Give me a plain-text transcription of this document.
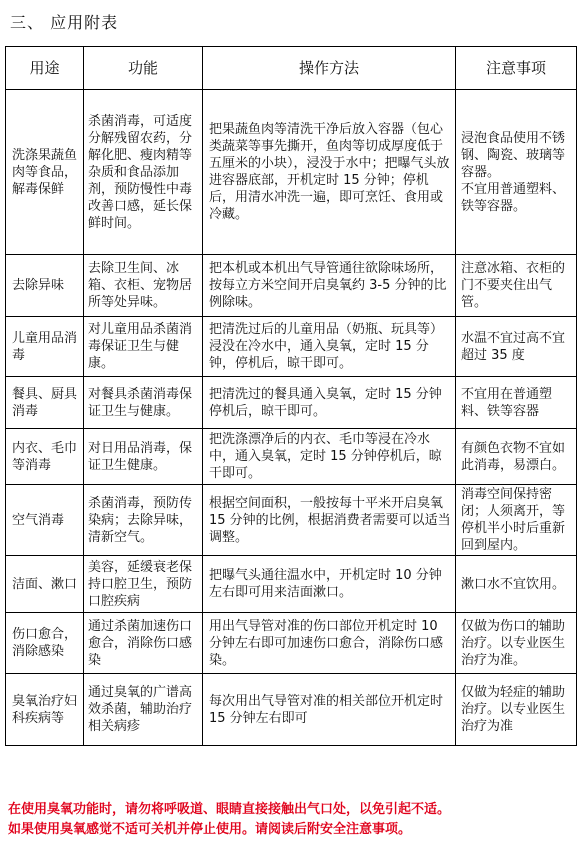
三、 应用附表
用途	功能	操作方法	注意事项
洗涤果蔬鱼肉等食品，解毒保鲜	杀菌消毒，可适度分解残留农药，分解化肥、瘦肉精等杂质和食品添加剂，预防慢性中毒改善口感，延长保鲜时间。	把果蔬鱼肉等清洗干净后放入容器（包心类蔬菜等事先撕开，鱼肉等切成厚度低于五厘米的小块），浸没于水中；把曝气头放进容器底部，开机定时 15 分钟；停机后，用清水冲洗一遍，即可烹饪、食用或冷藏。	浸泡食品使用不锈钢、陶瓷、玻璃等容器。
不宜用普通塑料、铁等容器。
去除异味	去除卫生间、冰箱、衣柜、宠物居所等处异味。	把本机或本机出气导管通往欲除味场所，按每立方米空间开启臭氧约 3-5 分钟的比例除味。	注意冰箱、衣柜的门不要夹住出气管。
儿童用品消毒	对儿童用品杀菌消毒保证卫生与健康。	把清洗过后的儿童用品（奶瓶、玩具等）浸没在冷水中，通入臭氧，定时 15 分钟，停机后，晾干即可。	水温不宜过高不宜超过 35 度
餐具、厨具消毒	对餐具杀菌消毒保证卫生与健康。	把清洗过的餐具通入臭氧，定时 15 分钟停机后，晾干即可。	不宜用在普通塑料、铁等容器
内衣、毛巾等消毒	对日用品消毒，保证卫生健康。	把洗涤漂净后的内衣、毛巾等浸在冷水中，通入臭氧，定时 15 分钟停机后，晾干即可。	有颜色衣物不宜如此消毒，易漂白。
空气消毒	杀菌消毒，预防传染病；去除异味，清新空气。	根据空间面积，一般按每十平米开启臭氧 15 分钟的比例，根据消费者需要可以适当调整。	消毒空间保持密闭；人须离开，等停机半小时后重新回到屋内。
洁面、漱口	美容，延缓衰老保持口腔卫生，预防口腔疾病	把曝气头通往温水中，开机定时 10 分钟左右即可用来洁面漱口。	漱口水不宜饮用。
伤口愈合，消除感染	通过杀菌加速伤口愈合，消除伤口感染	用出气导管对准的伤口部位开机定时 10 分钟左右即可加速伤口愈合，消除伤口感染。	仅做为伤口的辅助治疗。以专业医生治疗为准。
臭氧治疗妇科疾病等	通过臭氧的广谱高效杀菌，辅助治疗相关病疹	每次用出气导管对准的相关部位开机定时 15 分钟左右即可	仅做为轻症的辅助治疗。以专业医生治疗为准
在使用臭氧功能时，请勿将呼吸道、眼睛直接接触出气口处，以免引起不适。
如果使用臭氧感觉不适可关机并停止使用。请阅读后附安全注意事项。
